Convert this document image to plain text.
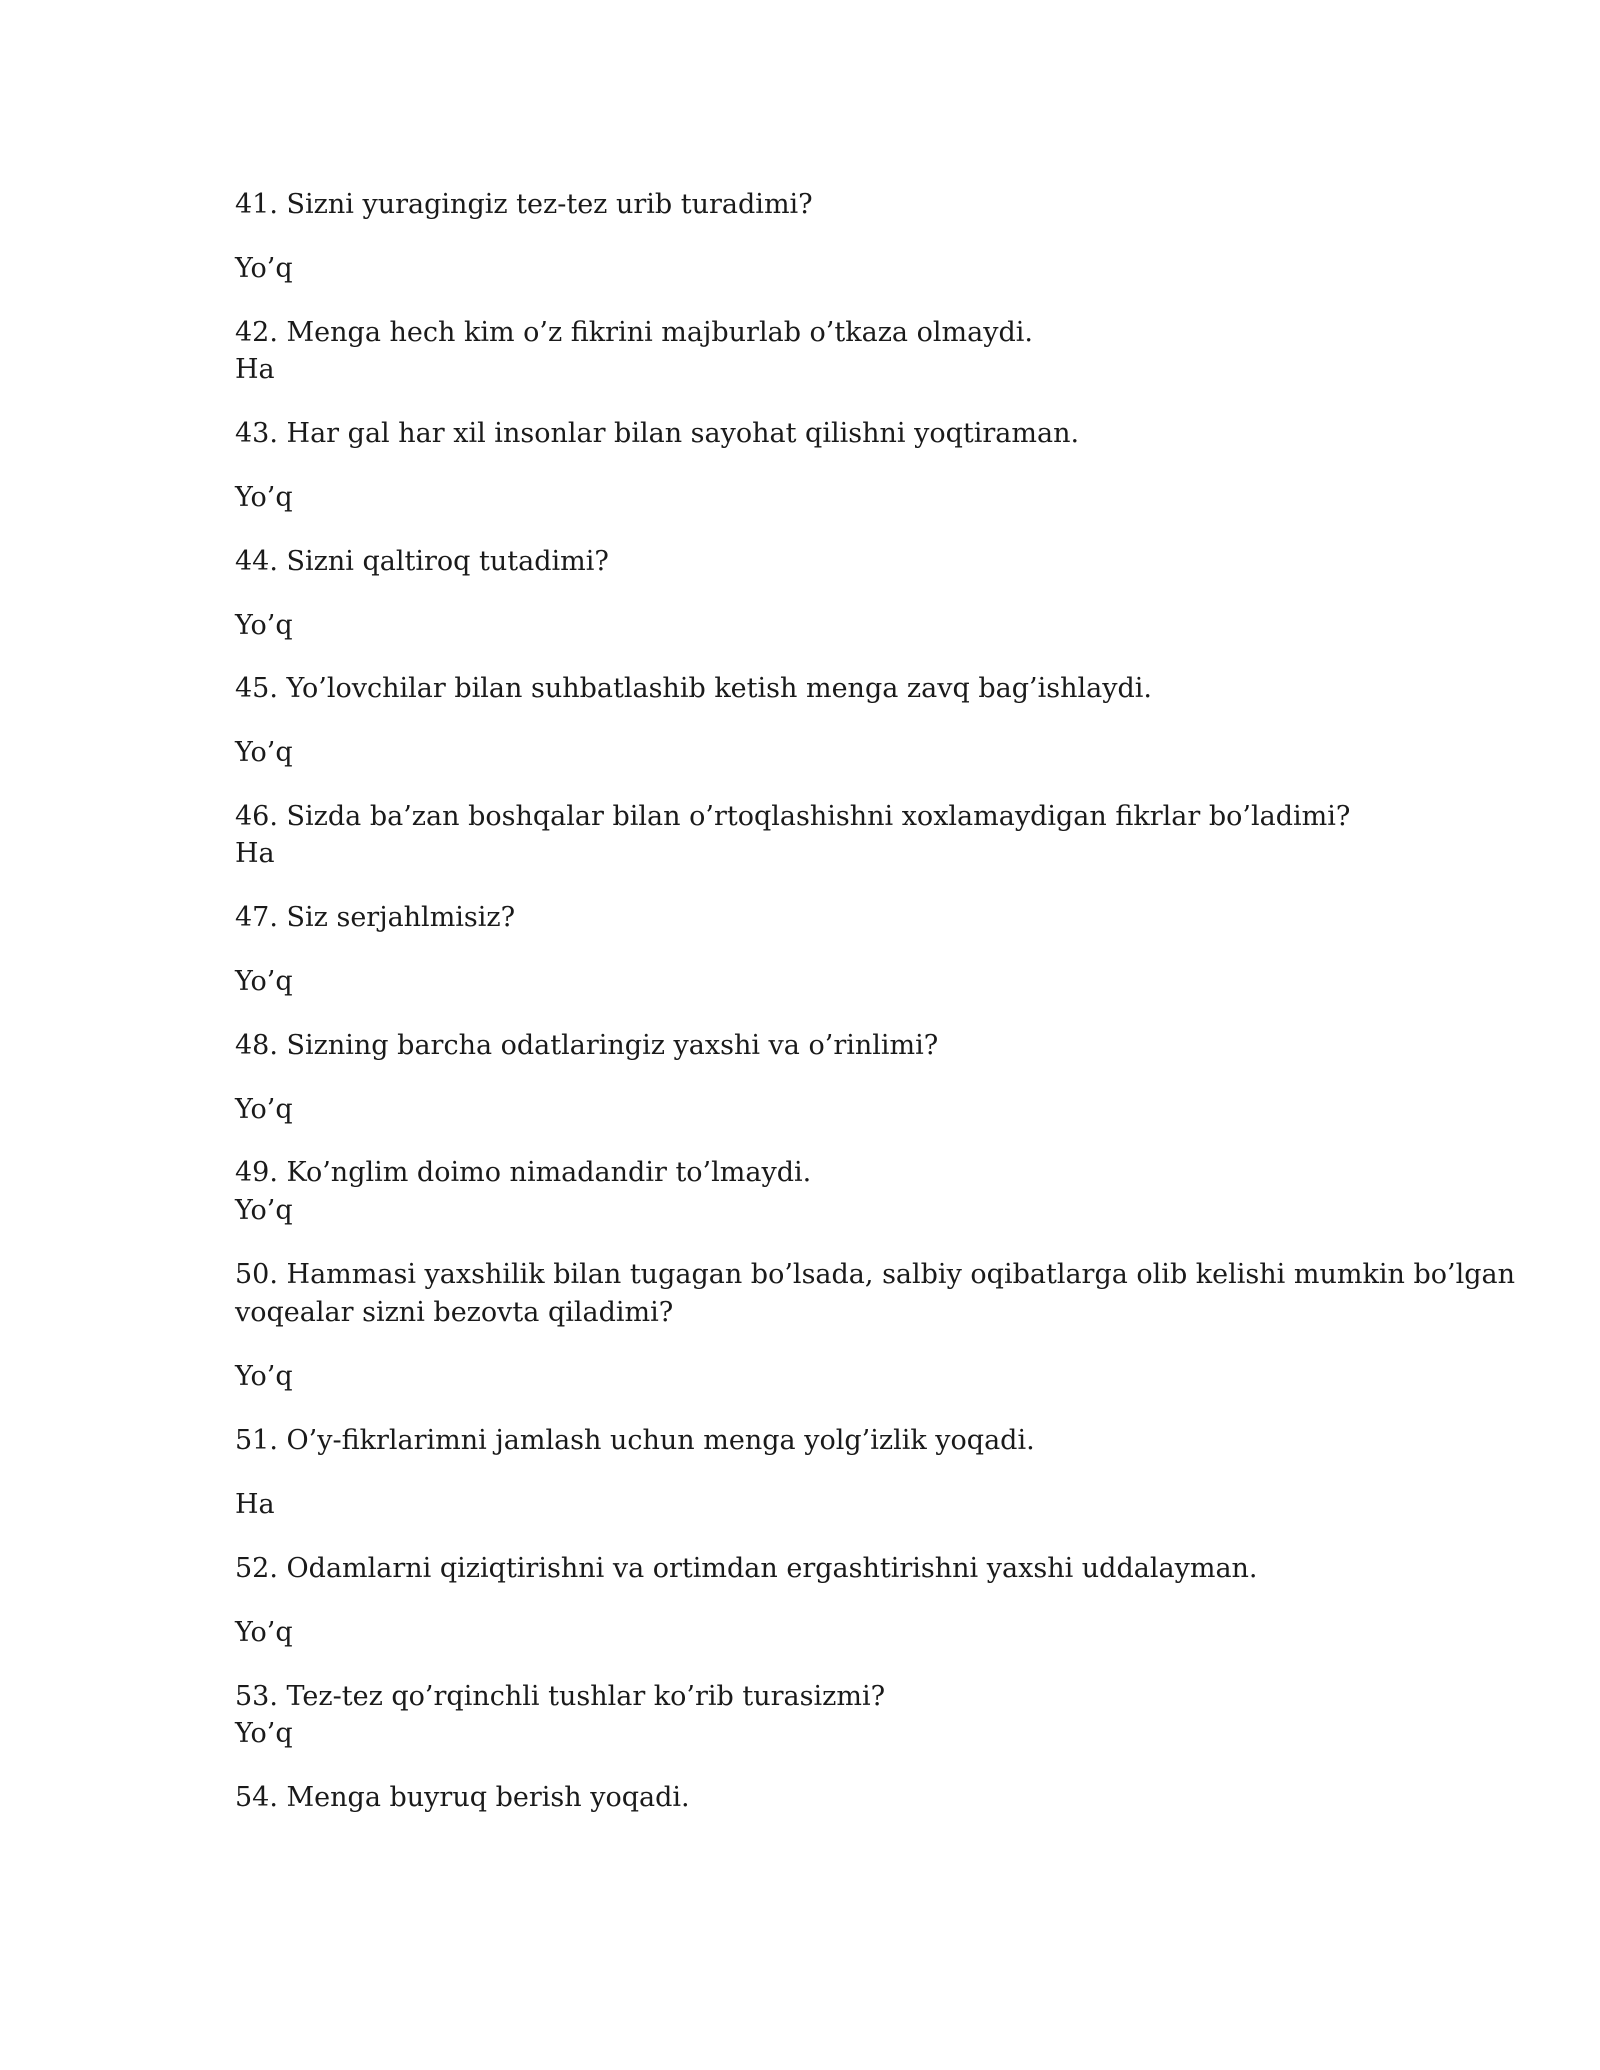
41. Sizni yuragingiz tez-tez urib turadimi?
Yo’q
42. Menga hech kim o’z fikrini majburlab o’tkaza olmaydi.
Ha
43. Har gal har xil insonlar bilan sayohat qilishni yoqtiraman.
Yo’q
44. Sizni qaltiroq tutadimi?
Yo’q
45. Yo’lovchilar bilan suhbatlashib ketish menga zavq bag’ishlaydi.
Yo’q
46. Sizda ba’zan boshqalar bilan o’rtoqlashishni xoxlamaydigan fikrlar bo’ladimi?
Ha
47. Siz serjahlmisiz?
Yo’q
48. Sizning barcha odatlaringiz yaxshi va o’rinlimi?
Yo’q
49. Ko’nglim doimo nimadandir to’lmaydi.
Yo’q
50. Hammasi yaxshilik bilan tugagan bo’lsada, salbiy oqibatlarga olib kelishi mumkin bo’lgan
voqealar sizni bezovta qiladimi?
Yo’q
51. O’y-fikrlarimni jamlash uchun menga yolg’izlik yoqadi.
Ha
52. Odamlarni qiziqtirishni va ortimdan ergashtirishni yaxshi uddalayman.
Yo’q
53. Tez-tez qo’rqinchli tushlar ko’rib turasizmi?
Yo’q
54. Menga buyruq berish yoqadi.
